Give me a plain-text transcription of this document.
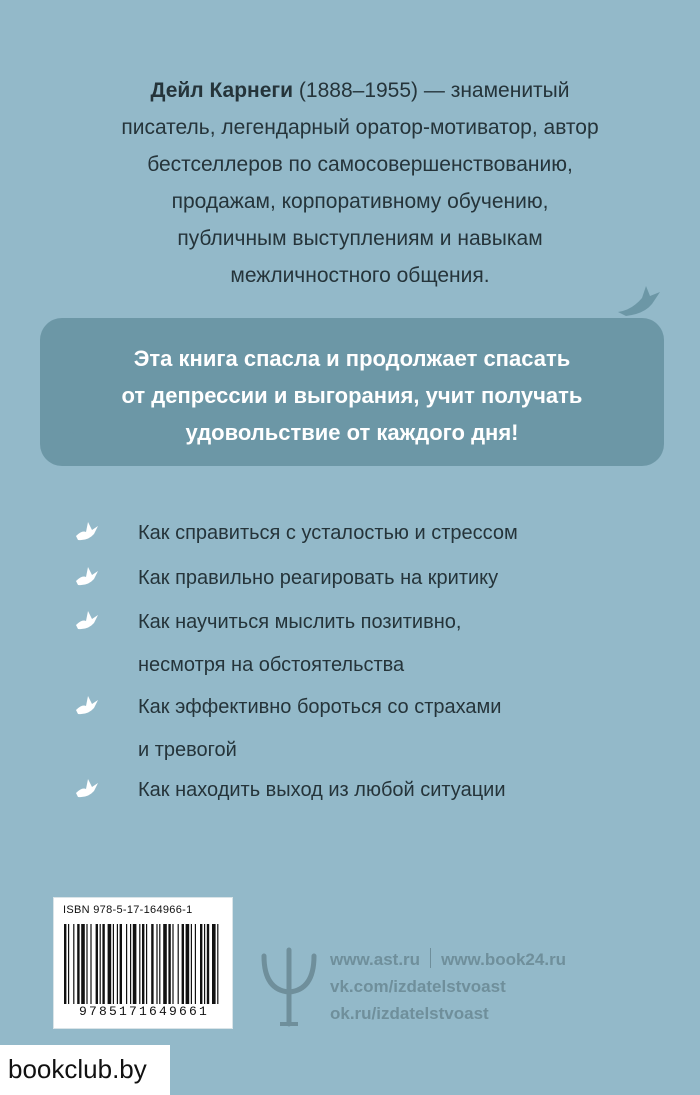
Дейл Карнеги (1888–1955) — знаменитый
писатель, легендарный оратор-мотиватор, автор
бестселлеров по самосовершенствованию,
продажам, корпоративному обучению,
публичным выступлениям и навыкам
межличностного общения.

Эта книга спасла и продолжает спасать
от депрессии и выгорания, учит получать
удовольствие от каждого дня!

Как справиться с усталостью и стрессом
Как правильно реагировать на критику
Как научиться мыслить позитивно,
несмотря на обстоятельства
Как эффективно бороться со страхами
и тревогой
Как находить выход из любой ситуации
ISBN 978-5-17-164966-1
9785171649661
www.ast.ru www.book24.ru
vk.com/izdatelstvoast
ok.ru/izdatelstvoast
bookclub.by
